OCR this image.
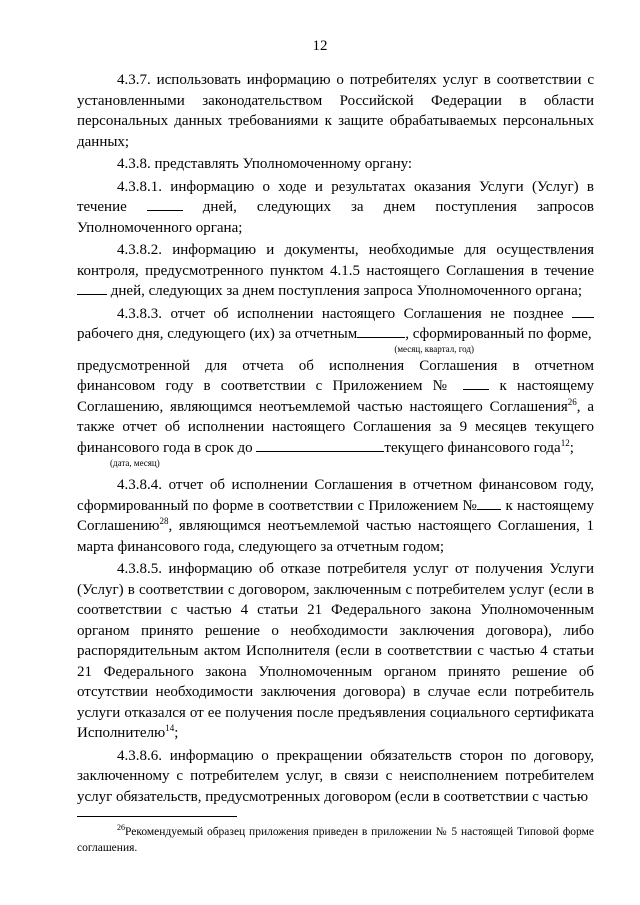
12

4.3.7. использовать информацию о потребителях услуг в соответствии с установленными законодательством Российской Федерации в области персональных данных требованиями к защите обрабатываемых персональных данных;

4.3.8. представлять Уполномоченному органу:

4.3.8.1. информацию о ходе и результатах оказания Услуги (Услуг) в течение  дней, следующих за днем поступления запросов Уполномоченного органа;

4.3.8.2. информацию и документы, необходимые для осуществления контроля, предусмотренного пунктом 4.1.5 настоящего Соглашения в течение  дней, следующих за днем поступления запроса Уполномоченного органа;

4.3.8.3. отчет об исполнении настоящего Соглашения не позднее  рабочего дня, следующего (их) за отчетным	, сформированный по форме,

(месяц, квартал, год)

предусмотренной для отчета об исполнения Соглашения в отчетном финансовом году в соответствии с Приложением №  к настоящему Соглашению, являющимся неотъемлемой частью настоящего Соглашения$^{26}$, а также отчет об исполнении настоящего Соглашения за 9 месяцев текущего финансового года в срок до	текущего финансового года$^{12}$;

(дата, месяц)

4.3.8.4. отчет об исполнении Соглашения в отчетном финансовом году, сформированный по форме в соответствии с Приложением № к настоящему Соглашению$^{28}$, являющимся неотъемлемой частью настоящего Соглашения, 1 марта финансового года, следующего за отчетным годом;

4.3.8.5. информацию об отказе потребителя услуг от получения Услуги (Услуг) в соответствии с договором, заключенным с потребителем услуг (если в соответствии с частью 4 статьи 21 Федерального закона Уполномоченным органом принято решение о необходимости заключения договора), либо распорядительным актом Исполнителя (если в соответствии с частью 4 статьи 21 Федерального закона Уполномоченным органом принято решение об отсутствии необходимости заключения договора) в случае если потребитель услуги отказался от ее получения после предъявления социального сертификата Исполнителю$^{14}$;

4.3.8.6. информацию о прекращении обязательств сторон по договору, заключенному с потребителем услуг, в связи с неисполнением потребителем услуг обязательств, предусмотренных договором (если в соответствии с частью

$^{26}$Рекомендуемый образец приложения приведен в приложении № 5 настоящей Типовой форме соглашения.
